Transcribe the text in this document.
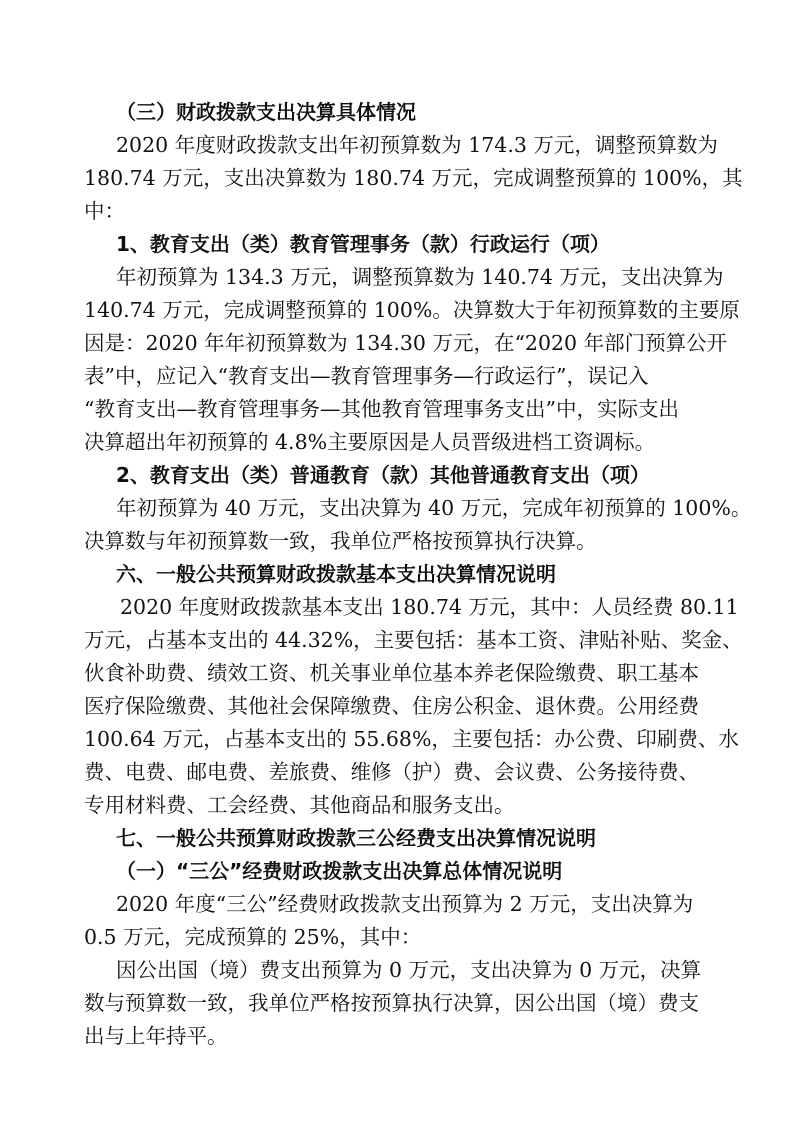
（三）财政拨款支出决算具体情况
2020 年度财政拨款支出年初预算数为 174.3 万元，调整预算数为
180.74 万元，支出决算数为 180.74 万元，完成调整预算的 100%，其
中：
1、教育支出（类）教育管理事务（款）行政运行（项）
年初预算为 134.3 万元，调整预算数为 140.74 万元，支出决算为
140.74 万元，完成调整预算的 100%。决算数大于年初预算数的主要原
因是：2020 年年初预算数为 134.30 万元，在“2020 年部门预算公开
表”中，应记入“教育支出—教育管理事务—行政运行”，误记入
“教育支出—教育管理事务—其他教育管理事务支出”中，实际支出
决算超出年初预算的 4.8%主要原因是人员晋级进档工资调标。
2、教育支出（类）普通教育（款）其他普通教育支出（项）
年初预算为 40 万元，支出决算为 40 万元，完成年初预算的 100%。
决算数与年初预算数一致，我单位严格按预算执行决算。
六、一般公共预算财政拨款基本支出决算情况说明
2020 年度财政拨款基本支出 180.74 万元，其中：人员经费 80.11
万元，占基本支出的 44.32%，主要包括：基本工资、津贴补贴、奖金、
伙食补助费、绩效工资、机关事业单位基本养老保险缴费、职工基本
医疗保险缴费、其他社会保障缴费、住房公积金、退休费。公用经费
100.64 万元，占基本支出的 55.68%，主要包括：办公费、印刷费、水
费、电费、邮电费、差旅费、维修（护）费、会议费、公务接待费、
专用材料费、工会经费、其他商品和服务支出。
七、一般公共预算财政拨款三公经费支出决算情况说明
（一）“三公”经费财政拨款支出决算总体情况说明
2020 年度“三公”经费财政拨款支出预算为 2 万元，支出决算为
0.5 万元，完成预算的 25%，其中：
因公出国（境）费支出预算为 0 万元，支出决算为 0 万元，决算
数与预算数一致，我单位严格按预算执行决算，因公出国（境）费支
出与上年持平。
